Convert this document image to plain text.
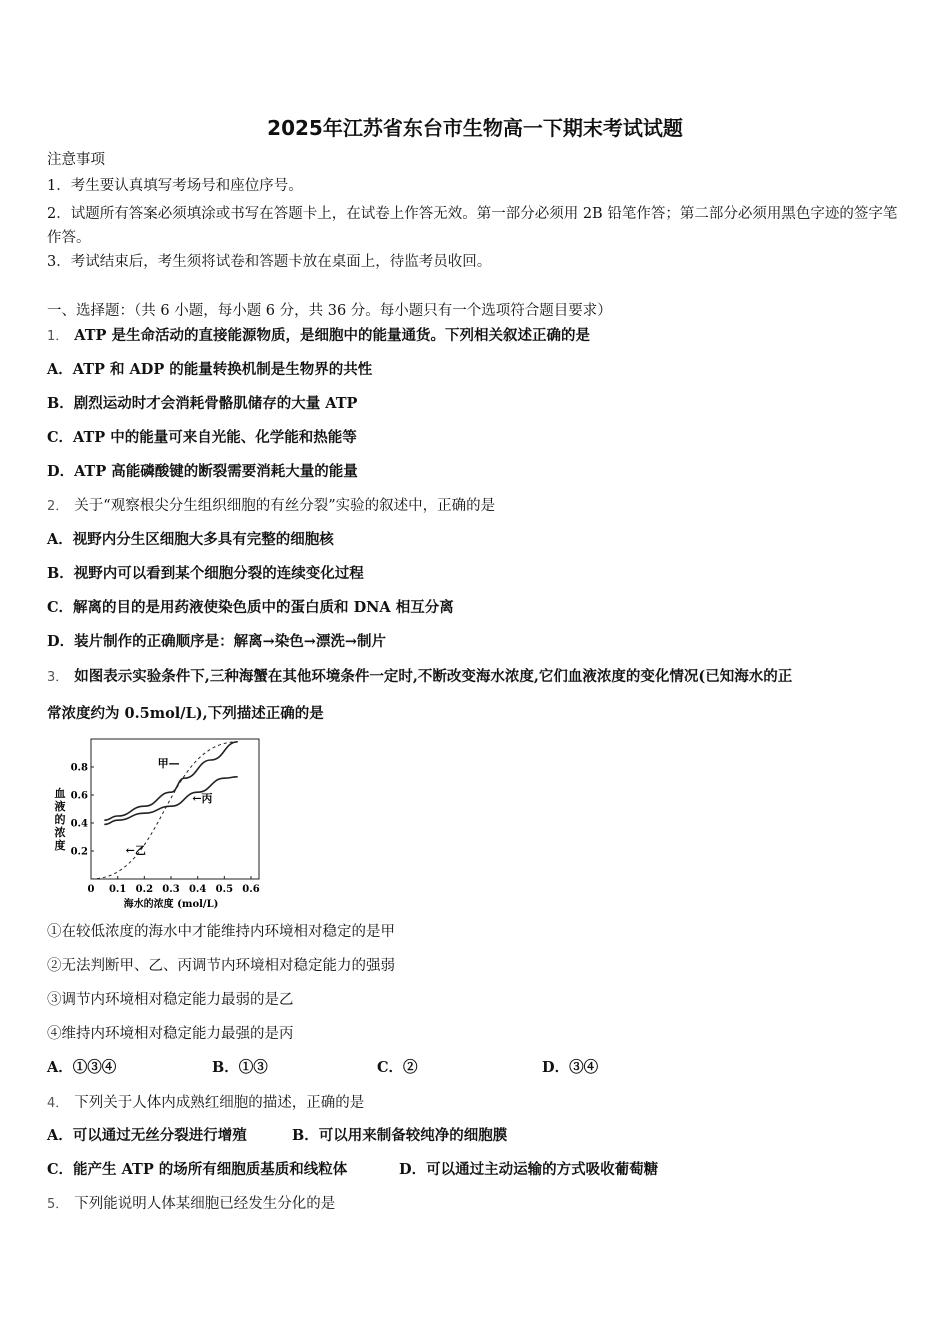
2025年江苏省东台市生物高一下期末考试试题
注意事项
1．考生要认真填写考场号和座位序号。
2．试题所有答案必须填涂或书写在答题卡上，在试卷上作答无效。第一部分必须用 2B 铅笔作答；第二部分必须用黑色字迹的签字笔作答。
3．考试结束后，考生须将试卷和答题卡放在桌面上，待监考员收回。
一、选择题：（共 6 小题，每小题 6 分，共 36 分。每小题只有一个选项符合题目要求）
1． ATP 是生命活动的直接能源物质，是细胞中的能量通货。下列相关叙述正确的是
A．ATP 和 ADP 的能量转换机制是生物界的共性
B．剧烈运动时才会消耗骨骼肌储存的大量 ATP
C．ATP 中的能量可来自光能、化学能和热能等
D．ATP 高能磷酸键的断裂需要消耗大量的能量
2． 关于“观察根尖分生组织细胞的有丝分裂”实验的叙述中，正确的是
A．视野内分生区细胞大多具有完整的细胞核
B．视野内可以看到某个细胞分裂的连续变化过程
C．解离的目的是用药液使染色质中的蛋白质和 DNA 相互分离
D．装片制作的正确顺序是：解离→染色→漂洗→制片
3． 如图表示实验条件下,三种海蟹在其他环境条件一定时,不断改变海水浓度,它们血液浓度的变化情况(已知海水的正
常浓度约为 0.5mol/L),下列描述正确的是
0 0.1 0.2 0.3 0.4 0.5 0.6
0.2
0.4
0.6
0.8
血
液
的
浓
度
海水的浓度 (mol/L)
甲—
←丙
←乙
①在较低浓度的海水中才能维持内环境相对稳定的是甲
②无法判断甲、乙、丙调节内环境相对稳定能力的强弱
③调节内环境相对稳定能力最弱的是乙
④维持内环境相对稳定能力最强的是丙
A．①③④	B．①③	C．②	D．③④
4． 下列关于人体内成熟红细胞的描述，正确的是
A．可以通过无丝分裂进行增殖	B．可以用来制备较纯净的细胞膜
C．能产生 ATP 的场所有细胞质基质和线粒体	D．可以通过主动运输的方式吸收葡萄糖
5． 下列能说明人体某细胞已经发生分化的是
